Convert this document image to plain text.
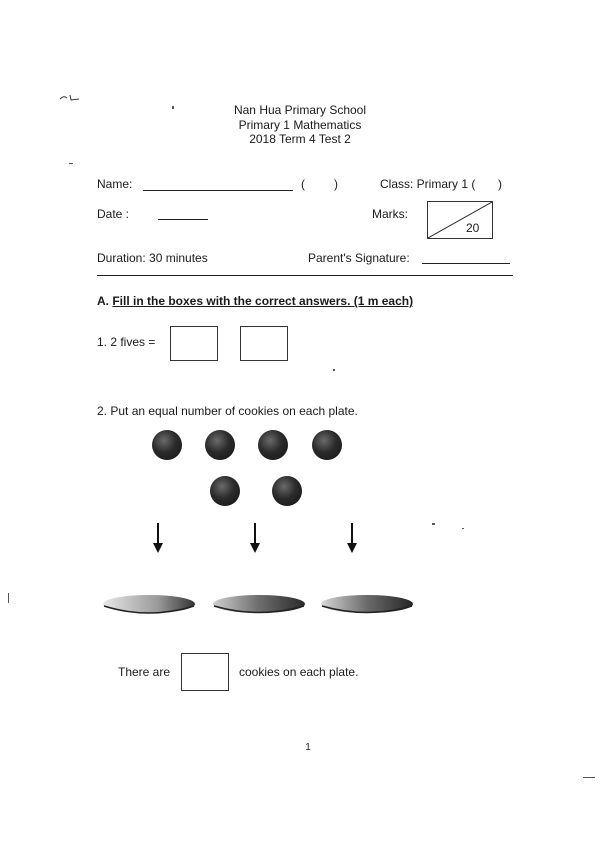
Nan Hua Primary School
Primary 1 Mathematics
2018 Term 4 Test 2
Name:	( )	Class: Primary 1 ( )
Date :	Marks:
20
Duration: 30 minutes	Parent's Signature:
A. Fill in the boxes with the correct answers. (1 m each)
1. 2 fives =
2. Put an equal number of cookies on each plate.
There are	cookies on each plate.
1
